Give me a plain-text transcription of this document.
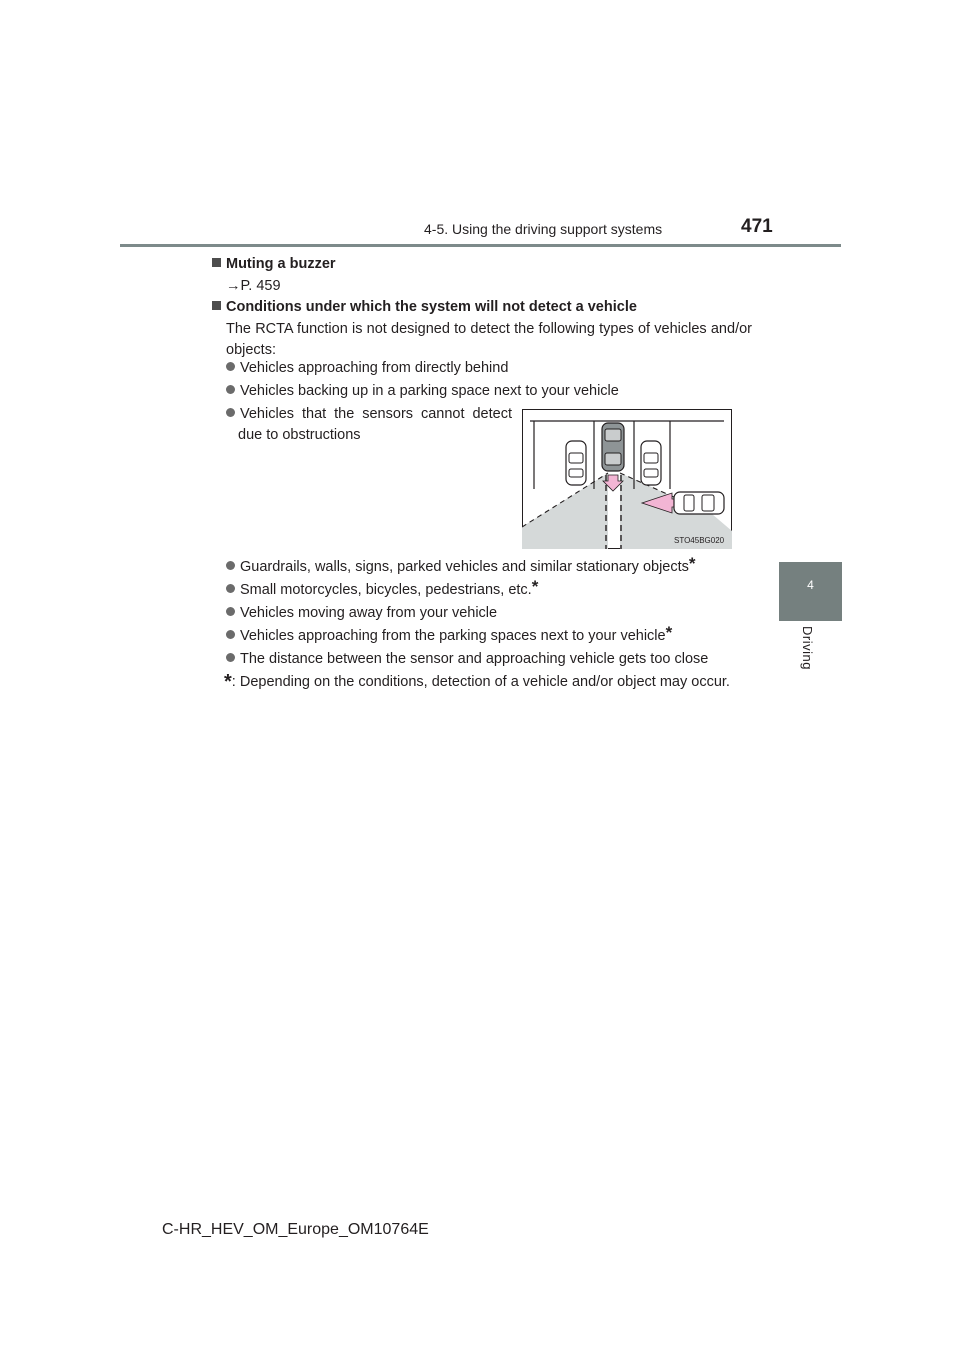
4-5. Using the driving support systems	471
4
Driving
Muting a buzzer
→P. 459
Conditions under which the system will not detect a vehicle
The RCTA function is not designed to detect the following types of vehicles and/or objects:
Vehicles approaching from directly behind
Vehicles backing up in a parking space next to your vehicle
Vehicles that the sensors cannot detect due to obstructions
STO45BG020
Guardrails, walls, signs, parked vehicles and similar stationary objects*
Small motorcycles, bicycles, pedestrians, etc.*
Vehicles moving away from your vehicle
Vehicles approaching from the parking spaces next to your vehicle*
The distance between the sensor and approaching vehicle gets too close
*: Depending on the conditions, detection of a vehicle and/or object may occur.
C-HR_HEV_OM_Europe_OM10764E
